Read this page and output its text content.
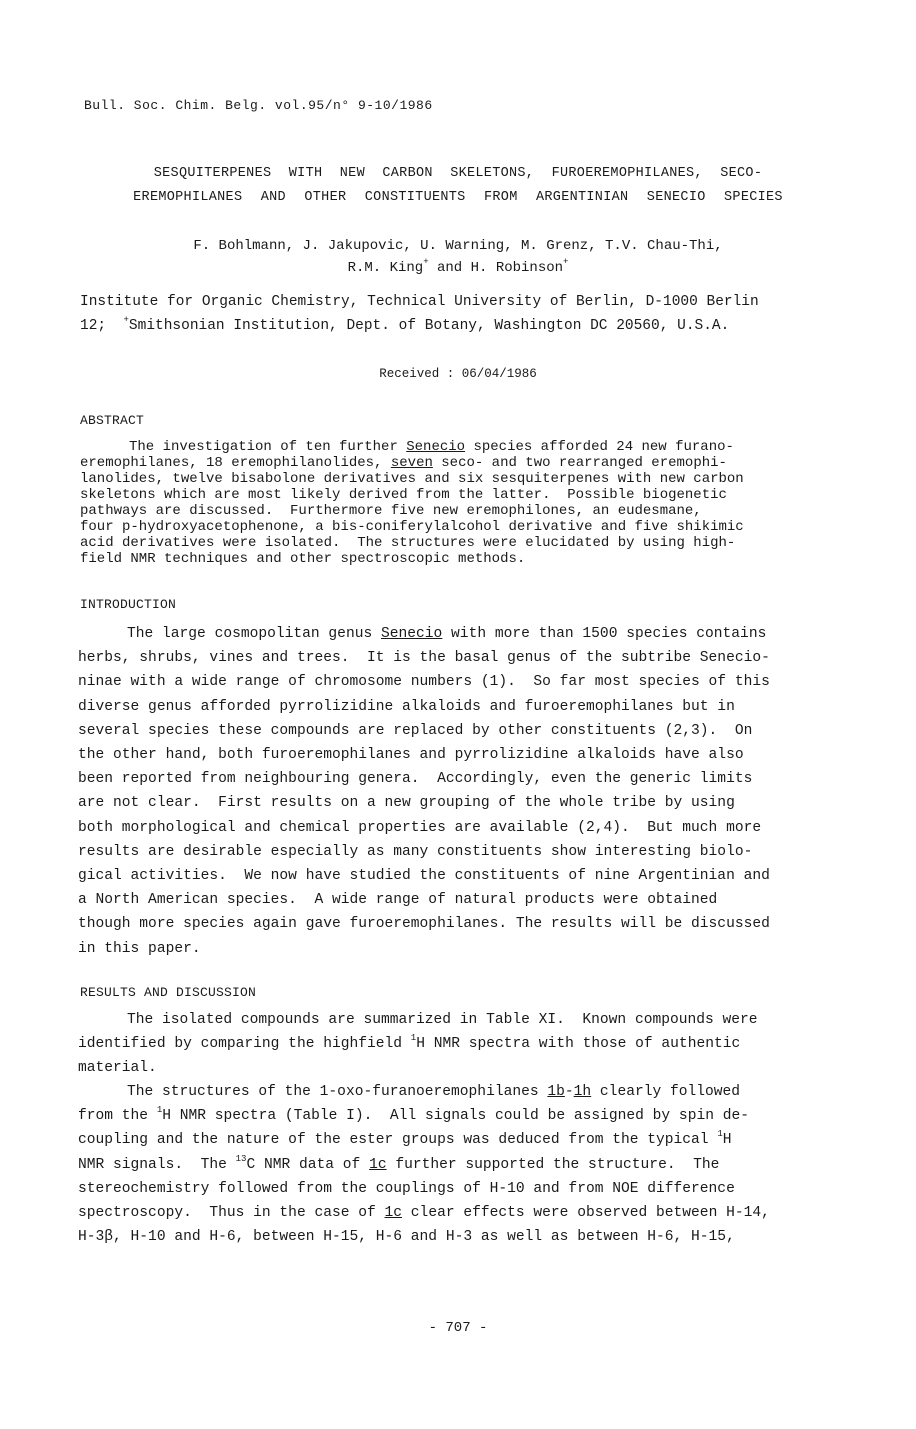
Bull. Soc. Chim. Belg. vol.95/n° 9-10/1986
SESQUITERPENES WITH NEW CARBON SKELETONS, FUROEREMOPHILANES, SECO-
EREMOPHILANES AND OTHER CONSTITUENTS FROM ARGENTINIAN SENECIO SPECIES
F. Bohlmann, J. Jakupovic, U. Warning, M. Grenz, T.V. Chau-Thi,
R.M. King+ and H. Robinson+
Institute for Organic Chemistry, Technical University of Berlin, D-1000 Berlin
12;  +Smithsonian Institution, Dept. of Botany, Washington DC 20560, U.S.A.
Received : 06/04/1986
ABSTRACT
The investigation of ten further Senecio species afforded 24 new furano-
eremophilanes, 18 eremophilanolides, seven seco- and two rearranged eremophi-
lanolides, twelve bisabolone derivatives and six sesquiterpenes with new carbon
skeletons which are most likely derived from the latter.  Possible biogenetic
pathways are discussed.  Furthermore five new eremophilones, an eudesmane,
four p-hydroxyacetophenone, a bis-coniferylalcohol derivative and five shikimic
acid derivatives were isolated.  The structures were elucidated by using high-
field NMR techniques and other spectroscopic methods.
INTRODUCTION
The large cosmopolitan genus Senecio with more than 1500 species contains
herbs, shrubs, vines and trees.  It is the basal genus of the subtribe Senecio-
ninae with a wide range of chromosome numbers (1).  So far most species of this
diverse genus afforded pyrrolizidine alkaloids and furoeremophilanes but in
several species these compounds are replaced by other constituents (2,3).  On
the other hand, both furoeremophilanes and pyrrolizidine alkaloids have also
been reported from neighbouring genera.  Accordingly, even the generic limits
are not clear.  First results on a new grouping of the whole tribe by using
both morphological and chemical properties are available (2,4).  But much more
results are desirable especially as many constituents show interesting biolo-
gical activities.  We now have studied the constituents of nine Argentinian and
a North American species.  A wide range of natural products were obtained
though more species again gave furoeremophilanes. The results will be discussed
in this paper.
RESULTS AND DISCUSSION
The isolated compounds are summarized in Table XI.  Known compounds were
identified by comparing the highfield $^1$H NMR spectra with those of authentic
material.
The structures of the 1-oxo-furanoeremophilanes 1b-1h clearly followed
from the $^1$H NMR spectra (Table I).  All signals could be assigned by spin de-
coupling and the nature of the ester groups was deduced from the typical $^1$H
NMR signals.  The $^{13}$C NMR data of 1c further supported the structure.  The
stereochemistry followed from the couplings of H-10 and from NOE difference
spectroscopy.  Thus in the case of 1c clear effects were observed between H-14,
H-3β, H-10 and H-6, between H-15, H-6 and H-3 as well as between H-6, H-15,
- 707 -
